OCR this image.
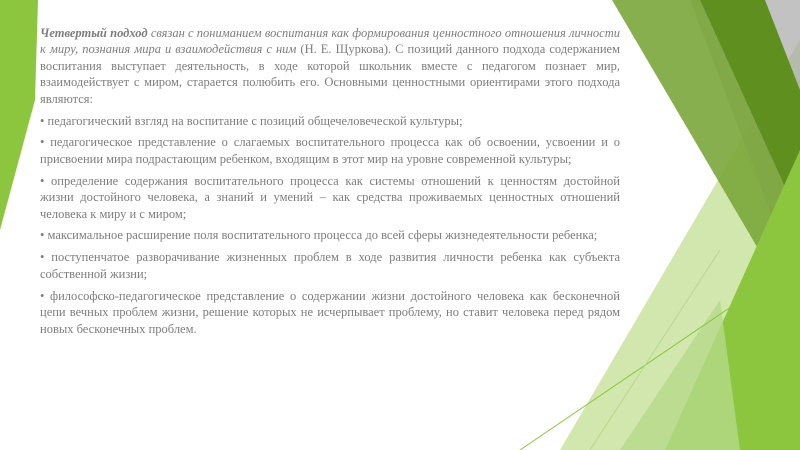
Четвертый подход связан с пониманием воспитания как формирования ценностного отношения личности к миру, познания мира и взаимодействия с ним (Н. Е. Щуркова). С позиций данного подхода содержанием воспитания выступает деятельность, в ходе которой школьник вместе с педагогом познает мир, взаимодействует с миром, старается полюбить его. Основными ценностными ориентирами этого подхода являются:

• педагогический взгляд на воспитание с позиций общечеловеческой культуры;

• педагогическое представление о слагаемых воспитательного процесса как об освоении, усвоении и о присвоении мира подрастающим ребенком, входящим в этот мир на уровне современной культуры;

• определение содержания воспитательного процесса как системы отношений к ценностям достойной жизни достойного человека, а знаний и умений – как средства проживаемых ценностных отношений человека к миру и с миром;

• максимальное расширение поля воспитательного процесса до всей сферы жизнедеятельности ребенка;

• поступенчатое разворачивание жизненных проблем в ходе развития личности ребенка как субъекта собственной жизни;

• философско-педагогическое представление о содержании жизни достойного человека как бесконечной цепи вечных проблем жизни, решение которых не исчерпывает проблему, но ставит человека перед рядом новых бесконечных проблем.
